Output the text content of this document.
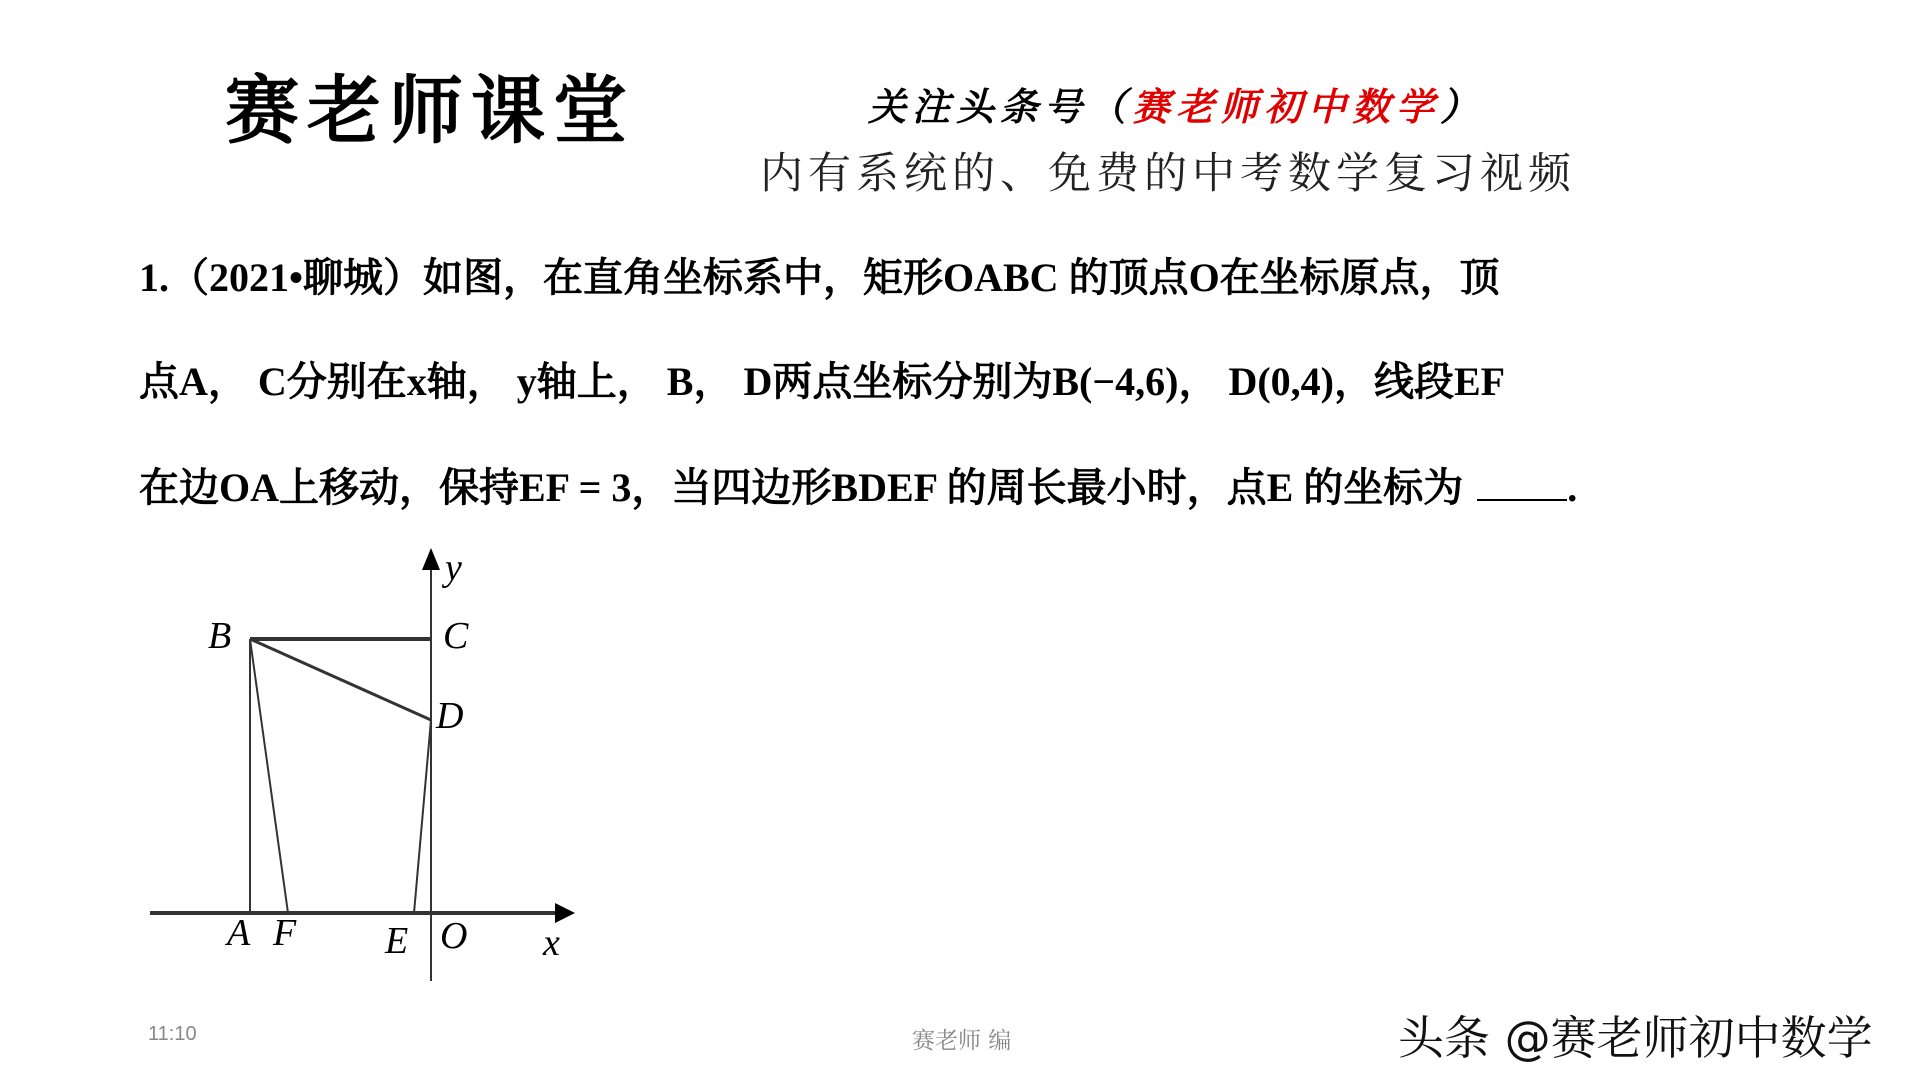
赛老师课堂	关注头条号（赛老师初中数学）
内有系统的、免费的中考数学复习视频
1.（2021•聊城）如图，在直角坐标系中，矩形OABC 的顶点O在坐标原点，顶
点A， C分别在x轴， y轴上， B， D两点坐标分别为B(−4,6)， D(0,4)，线段EF
在边OA上移动，保持EF = 3，当四边形BDEF 的周长最小时，点E 的坐标为	.
B	C
D
A F E O x
y
11:10	赛老师 编	头条 @赛老师初中数学
